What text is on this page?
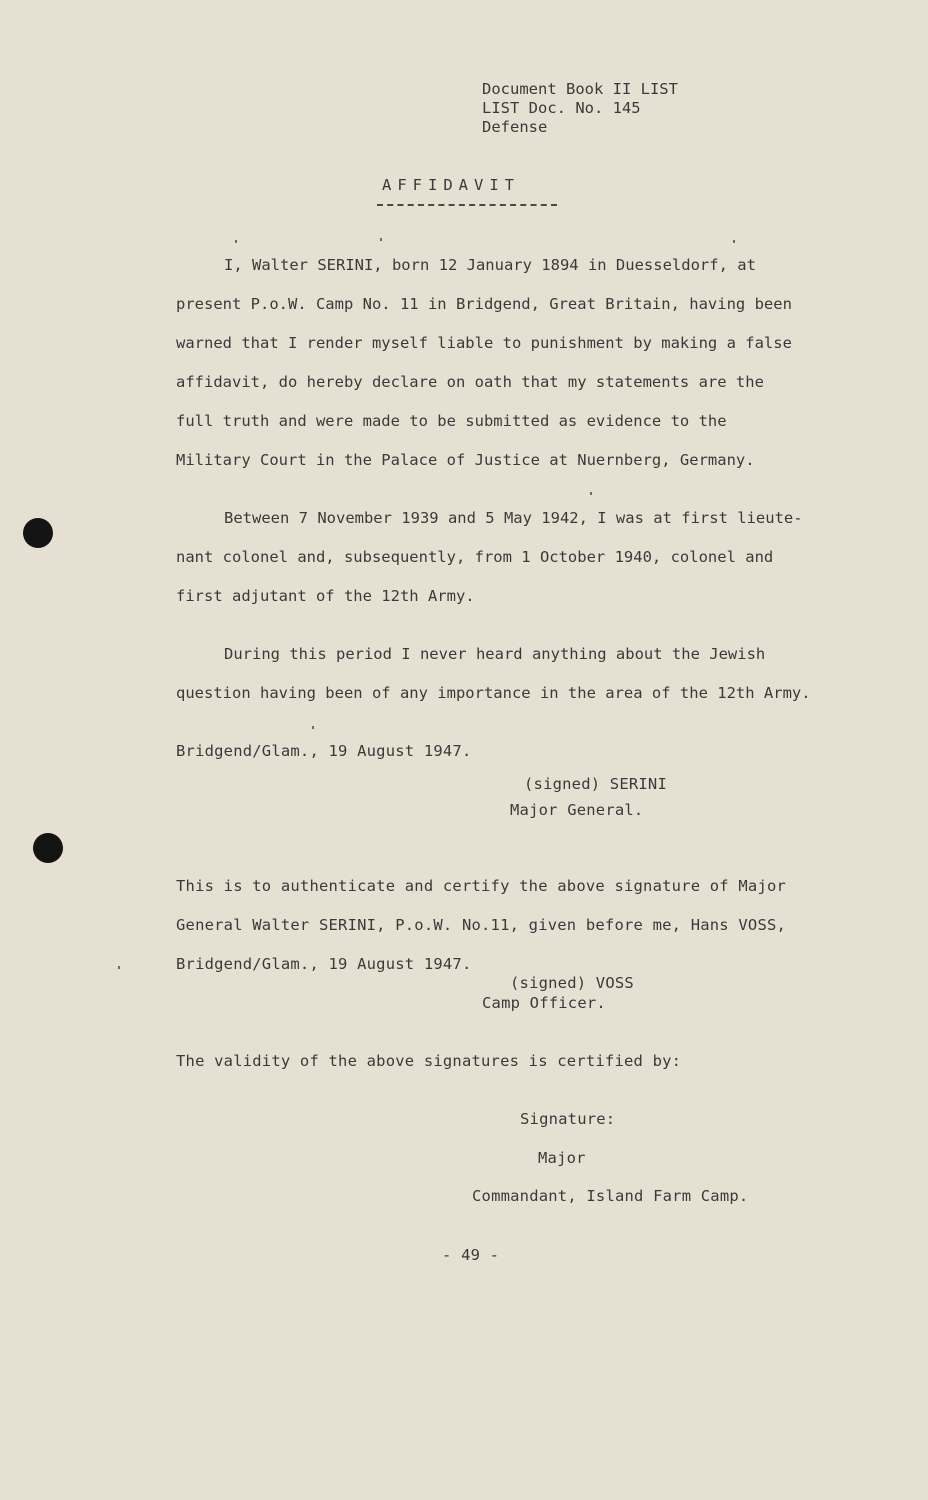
Document Book II LIST
LIST Doc. No. 145
Defense
AFFIDAVIT
I, Walter SERINI, born 12 January 1894 in Duesseldorf, at
present P.o.W. Camp No. 11 in Bridgend, Great Britain, having been
warned that I render myself liable to punishment by making a false
affidavit, do hereby declare on oath that my statements are the
full truth and were made to be submitted as evidence to the
Military Court in the Palace of Justice at Nuernberg, Germany.
Between 7 November 1939 and 5 May 1942, I was at first lieute-
nant colonel and, subsequently, from 1 October 1940, colonel and
first adjutant of the 12th Army.
During this period I never heard anything about the Jewish
question having been of any importance in the area of the 12th Army.
Bridgend/Glam., 19 August 1947.
(signed) SERINI
Major General.
This is to authenticate and certify the above signature of Major
General Walter SERINI, P.o.W. No.11, given before me, Hans VOSS,
Bridgend/Glam., 19 August 1947.
(signed) VOSS
Camp Officer.
The validity of the above signatures is certified by:
Signature:
Major
Commandant, Island Farm Camp.
- 49 -
